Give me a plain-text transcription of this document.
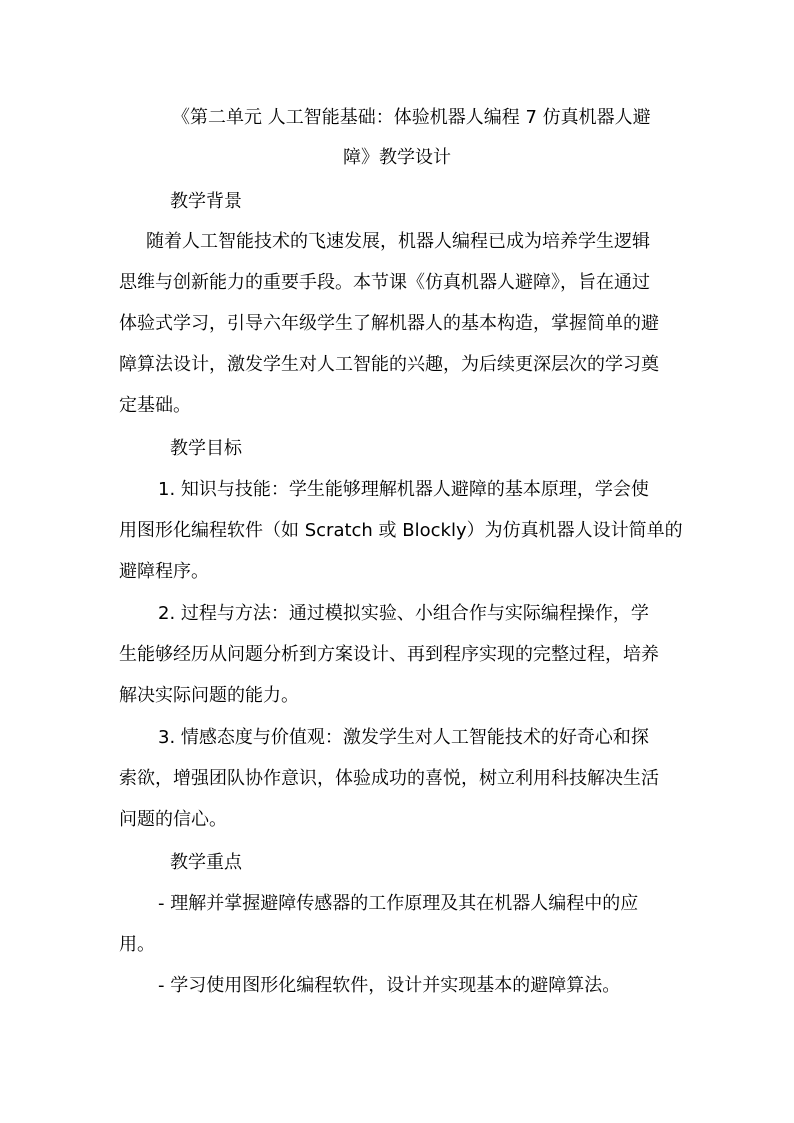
《第二单元 人工智能基础：体验机器人编程 7 仿真机器人避
障》教学设计
教学背景
随着人工智能技术的飞速发展，机器人编程已成为培养学生逻辑
思维与创新能力的重要手段。本节课《仿真机器人避障》，旨在通过
体验式学习，引导六年级学生了解机器人的基本构造，掌握简单的避
障算法设计，激发学生对人工智能的兴趣，为后续更深层次的学习奠
定基础。
教学目标
1. 知识与技能：学生能够理解机器人避障的基本原理，学会使
用图形化编程软件（如 Scratch 或 Blockly）为仿真机器人设计简单的
避障程序。
2. 过程与方法：通过模拟实验、小组合作与实际编程操作，学
生能够经历从问题分析到方案设计、再到程序实现的完整过程，培养
解决实际问题的能力。
3. 情感态度与价值观：激发学生对人工智能技术的好奇心和探
索欲，增强团队协作意识，体验成功的喜悦，树立利用科技解决生活
问题的信心。
教学重点
- 理解并掌握避障传感器的工作原理及其在机器人编程中的应
用。
- 学习使用图形化编程软件，设计并实现基本的避障算法。
